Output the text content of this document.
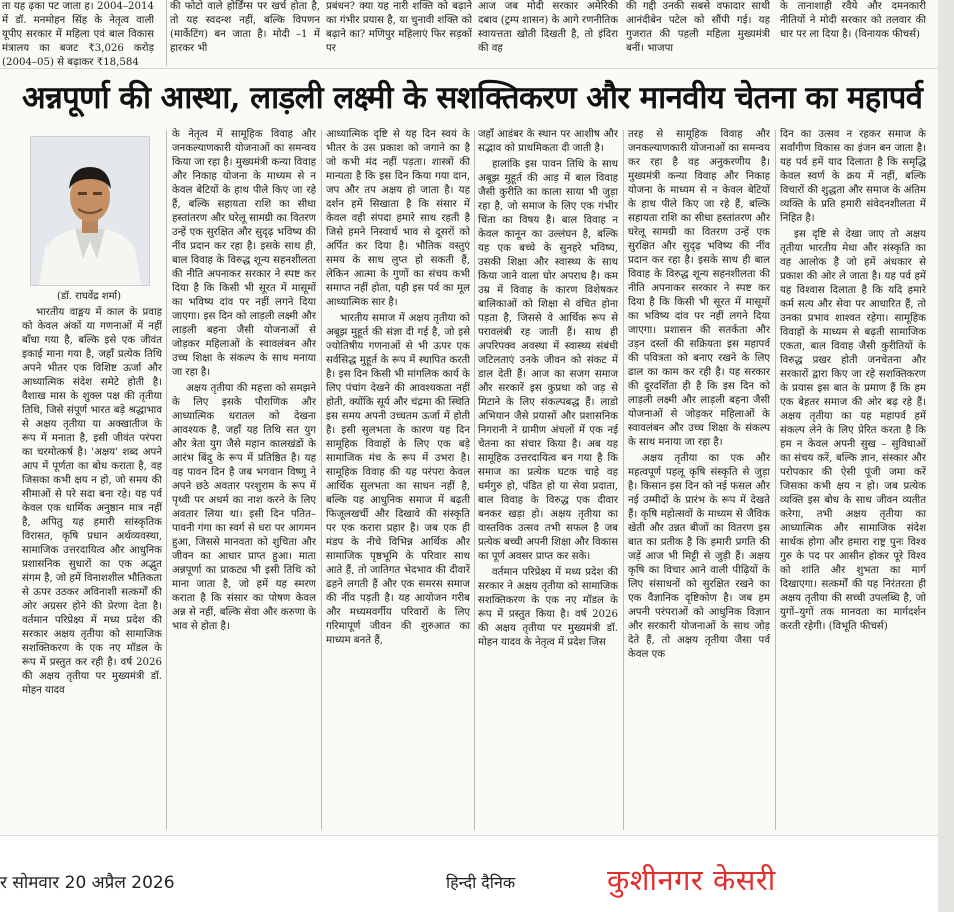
ता यह ढ़का पट जाता ह। 2004–2014 में डॉ. मनमोहन सिंह के नेतृत्व वाली यूपीए सरकार में महिला एवं बाल विकास मंत्रालय का बजट ₹3,026 करोड़ (2004–05) से बढ़ाकर ₹18,584

की फोटो वाले होर्डिंग्स पर खर्च होता है, तो यह स्वदन्श नहीं, बल्कि विपणन (मार्केटिंग) बन जाता है। मोदी –1 में हारकर भी

प्रबंधन? क्या यह नारी शक्ति को बढ़ाने का गंभीर प्रयास है, या चुनावी शक्ति को बढ़ाने का? मणिपुर महिलाएं फिर सड़कों पर

आज जब मोदी सरकार अमेरिकी दबाव (ट्रम्प शासन) के आगे रणनीतिक स्वायत्तता खोती दिखती है, तो इंदिरा की वह

की गद्दी उनकी सबसे वफादार साथी आनंदीबेन पटेल को सौंपी गई। यह गुजरात की पहली महिला मुख्यमंत्री बनीं। भाजपा

के तानाशाही रवैये और दमनकारी नीतियों ने मोदी सरकार को तलवार की धार पर ला दिया है। (विनायक फीचर्स)

अन्नपूर्णा की आस्था, लाड़ली लक्ष्मी के सशक्तिकरण और मानवीय चेतना का महापर्व
(डॉ. राघवेंद्र शर्मा)

भारतीय वाङ्मय में काल के प्रवाह को केवल अंकों या गणनाओं में नहीं बाँधा गया है, बल्कि इसे एक जीवंत इकाई माना गया है, जहाँ प्रत्येक तिथि अपने भीतर एक विशिष्ट ऊर्जा और आध्यात्मिक संदेश समेटे होती है। वैशाख मास के शुक्ल पक्ष की तृतीया तिथि, जिसे संपूर्ण भारत बड़े श्रद्धाभाव से अक्षय तृतीया या अक्खातीज के रूप में मनाता है, इसी जीवंत परंपरा का चरमोत्कर्ष है। 'अक्षय' शब्द अपने आप में पूर्णता का बोध कराता है, वह जिसका कभी क्षय न हो, जो समय की सीमाओं से परे सदा बना रहे। यह पर्व केवल एक धार्मिक अनुष्ठान मात्र नहीं है, अपितु यह हमारी सांस्कृतिक विरासत, कृषि प्रधान अर्थव्यवस्था, सामाजिक उत्तरदायित्व और आधुनिक प्रशासनिक सुधारों का एक अद्भुत संगम है, जो हमें विनाशशील भौतिकता से ऊपर उठकर अविनाशी सत्कर्मों की ओर अग्रसर होने की प्रेरणा देता है। वर्तमान परिप्रेक्ष्य में मध्य प्रदेश की सरकार अक्षय तृतीया को सामाजिक सशक्तिकरण के एक नए मॉडल के रूप में प्रस्तुत कर रही है। वर्ष 2026 की अक्षय तृतीया पर मुख्यमंत्री डॉ. मोहन यादव

के नेतृत्व में सामूहिक विवाह और जनकल्याणकारी योजनाओं का समन्वय किया जा रहा है। मुख्यमंत्री कन्या विवाह और निकाह योजना के माध्यम से न केवल बेटियों के हाथ पीले किए जा रहे हैं, बल्कि सहायता राशि का सीधा हस्तांतरण और घरेलू सामग्री का वितरण उन्हें एक सुरक्षित और सुदृढ़ भविष्य की नींव प्रदान कर रहा है। इसके साथ ही, बाल विवाह के विरुद्ध शून्य सहनशीलता की नीति अपनाकर सरकार ने स्पष्ट कर दिया है कि किसी भी सूरत में मासूमों का भविष्य दांव पर नहीं लगने दिया जाएगा। इस दिन को लाड़ली लक्ष्मी और लाड़ली बहना जैसी योजनाओं से जोड़कर महिलाओं के स्वावलंबन और उच्च शिक्षा के संकल्प के साथ मनाया जा रहा है।

अक्षय तृतीया की महत्ता को समझने के लिए इसके पौराणिक और आध्यात्मिक धरातल को देखना आवश्यक है, जहाँ यह तिथि सत युग और त्रेता युग जैसे महान कालखंडों के आरंभ बिंदु के रूप में प्रतिष्ठित है। यह वह पावन दिन है जब भगवान विष्णु ने अपने छठे अवतार परशुराम के रूप में पृथ्वी पर अधर्म का नाश करने के लिए अवतार लिया था। इसी दिन पतित–पावनी गंगा का स्वर्ग से धरा पर आगमन हुआ, जिससे मानवता को शुचिता और जीवन का आधार प्राप्त हुआ। माता अन्नपूर्णा का प्राकट्य भी इसी तिथि को माना जाता है, जो हमें यह स्मरण कराता है कि संसार का पोषण केवल अन्न से नहीं, बल्कि सेवा और करुणा के भाव से होता है।

आध्यात्मिक दृष्टि से यह दिन स्वयं के भीतर के उस प्रकाश को जगाने का है जो कभी मंद नहीं पड़ता। शास्त्रों की मान्यता है कि इस दिन किया गया दान, जप और तप अक्षय हो जाता है। यह दर्शन हमें सिखाता है कि संसार में केवल वही संपदा हमारे साथ रहती है जिसे हमने निस्वार्थ भाव से दूसरों को अर्पित कर दिया है। भौतिक वस्तुएं समय के साथ लुप्त हो सकती हैं, लेकिन आत्मा के गुणों का संचय कभी समाप्त नहीं होता, यही इस पर्व का मूल आध्यात्मिक सार है।

भारतीय समाज में अक्षय तृतीया को अबूझ मुहूर्त की संज्ञा दी गई है, जो इसे ज्योतिषीय गणनाओं से भी ऊपर एक सर्वसिद्ध मुहूर्त के रूप में स्थापित करती है। इस दिन किसी भी मांगलिक कार्य के लिए पंचांग देखने की आवश्यकता नहीं होती, क्योंकि सूर्य और चंद्रमा की स्थिति इस समय अपनी उच्चतम ऊर्जा में होती है। इसी सुलभता के कारण यह दिन सामूहिक विवाहों के लिए एक बड़े सामाजिक मंच के रूप में उभरा है। सामूहिक विवाह की यह परंपरा केवल आर्थिक सुलभता का साधन नहीं है, बल्कि यह आधुनिक समाज में बढ़ती फिजूलखर्ची और दिखावे की संस्कृति पर एक करारा प्रहार है। जब एक ही मंडप के नीचे विभिन्न आर्थिक और सामाजिक पृष्ठभूमि के परिवार साथ आते हैं, तो जातिगत भेदभाव की दीवारें ढहने लगती हैं और एक समरस समाज की नींव पड़ती है। यह आयोजन गरीब और मध्यमवर्गीय परिवारों के लिए गरिमापूर्ण जीवन की शुरुआत का माध्यम बनते हैं,

जहाँ आडंबर के स्थान पर आशीष और सद्भाव को प्राथमिकता दी जाती है।

हालांकि इस पावन तिथि के साथ अबूझ मुहूर्त की आड़ में बाल विवाह जैसी कुरीति का काला साया भी जुड़ा रहा है, जो समाज के लिए एक गंभीर चिंता का विषय है। बाल विवाह न केवल कानून का उल्लंघन है, बल्कि यह एक बच्चे के सुनहरे भविष्य, उसकी शिक्षा और स्वास्थ्य के साथ किया जाने वाला घोर अपराध है। कम उम्र में विवाह के कारण विशेषकर बालिकाओं को शिक्षा से वंचित होना पड़ता है, जिससे वे आर्थिक रूप से परावलंबी रह जाती हैं। साथ ही अपरिपक्व अवस्था में स्वास्थ्य संबंधी जटिलताएं उनके जीवन को संकट में डाल देती हैं। आज का सजग समाज और सरकारें इस कुप्रथा को जड़ से मिटाने के लिए संकल्पबद्ध हैं। लाडो अभियान जैसे प्रयासों और प्रशासनिक निगरानी ने ग्रामीण अंचलों में एक नई चेतना का संचार किया है। अब यह सामूहिक उत्तरदायित्व बन गया है कि समाज का प्रत्येक घटक चाहे वह धर्मगुरु हो, पंडित हो या सेवा प्रदाता, बाल विवाह के विरुद्ध एक दीवार बनकर खड़ा हो। अक्षय तृतीया का वास्तविक उत्सव तभी सफल है जब प्रत्येक बच्ची अपनी शिक्षा और विकास का पूर्ण अवसर प्राप्त कर सके।

वर्तमान परिप्रेक्ष्य में मध्य प्रदेश की सरकार ने अक्षय तृतीया को सामाजिक सशक्तिकरण के एक नए मॉडल के रूप में प्रस्तुत किया है। वर्ष 2026 की अक्षय तृतीया पर मुख्यमंत्री डॉ. मोहन यादव के नेतृत्व में प्रदेश जिस

तरह से सामूहिक विवाह और जनकल्याणकारी योजनाओं का समन्वय कर रहा है वह अनुकरणीय है। मुख्यमंत्री कन्या विवाह और निकाह योजना के माध्यम से न केवल बेटियों के हाथ पीले किए जा रहे हैं, बल्कि सहायता राशि का सीधा हस्तांतरण और घरेलू सामग्री का वितरण उन्हें एक सुरक्षित और सुदृढ़ भविष्य की नींव प्रदान कर रहा है। इसके साथ ही बाल विवाह के विरुद्ध शून्य सहनशीलता की नीति अपनाकर सरकार ने स्पष्ट कर दिया है कि किसी भी सूरत में मासूमों का भविष्य दांव पर नहीं लगने दिया जाएगा। प्रशासन की सतर्कता और उड़न दस्तों की सक्रियता इस महापर्व की पवित्रता को बनाए रखने के लिए ढाल का काम कर रही है। यह सरकार की दूरदर्शिता ही है कि इस दिन को लाड़ली लक्ष्मी और लाड़ली बहना जैसी योजनाओं से जोड़कर महिलाओं के स्वावलंबन और उच्च शिक्षा के संकल्प के साथ मनाया जा रहा है।

अक्षय तृतीया का एक और महत्वपूर्ण पहलू कृषि संस्कृति से जुड़ा है। किसान इस दिन को नई फसल और नई उम्मीदों के प्रारंभ के रूप में देखते हैं। कृषि महोत्सवों के माध्यम से जैविक खेती और उन्नत बीजों का वितरण इस बात का प्रतीक है कि हमारी प्रगति की जड़ें आज भी मिट्टी से जुड़ी हैं। अक्षय कृषि का विचार आने वाली पीढ़ियों के लिए संसाधनों को सुरक्षित रखने का एक वैज्ञानिक दृष्टिकोण है। जब हम अपनी परंपराओं को आधुनिक विज्ञान और सरकारी योजनाओं के साथ जोड़ देते हैं, तो अक्षय तृतीया जैसा पर्व केवल एक

दिन का उत्सव न रहकर समाज के सर्वांगीण विकास का इंजन बन जाता है। यह पर्व हमें याद दिलाता है कि समृद्धि केवल स्वर्ण के क्रय में नहीं, बल्कि विचारों की शुद्धता और समाज के अंतिम व्यक्ति के प्रति हमारी संवेदनशीलता में निहित है।

इस दृष्टि से देखा जाए तो अक्षय तृतीया भारतीय मेधा और संस्कृति का वह आलोक है जो हमें अंधकार से प्रकाश की ओर ले जाता है। यह पर्व हमें यह विश्वास दिलाता है कि यदि हमारे कर्म सत्य और सेवा पर आधारित हैं, तो उनका प्रभाव शाश्वत रहेगा। सामूहिक विवाहों के माध्यम से बढ़ती सामाजिक एकता, बाल विवाह जैसी कुरीतियों के विरुद्ध प्रखर होती जनचेतना और सरकारों द्वारा किए जा रहे सशक्तिकरण के प्रयास इस बात के प्रमाण हैं कि हम एक बेहतर समाज की ओर बढ़ रहे हैं। अक्षय तृतीया का यह महापर्व हमें संकल्प लेने के लिए प्रेरित करता है कि हम न केवल अपनी सुख – सुविधाओं का संचय करें, बल्कि ज्ञान, संस्कार और परोपकार की ऐसी पूंजी जमा करें जिसका कभी क्षय न हो। जब प्रत्येक व्यक्ति इस बोध के साथ जीवन व्यतीत करेगा, तभी अक्षय तृतीया का आध्यात्मिक और सामाजिक संदेश सार्थक होगा और हमारा राष्ट्र पुनः विश्व गुरु के पद पर आसीन होकर पूरे विश्व को शांति और शुभता का मार्ग दिखाएगा। सत्कर्मों की यह निरंतरता ही अक्षय तृतीया की सच्ची उपलब्धि है, जो युगों–युगों तक मानवता का मार्गदर्शन करती रहेगी। (विभूति फीचर्स)

र सोमवार 20 अप्रैल 2026	हिन्दी दैनिक	कुशीनगर केसरी
